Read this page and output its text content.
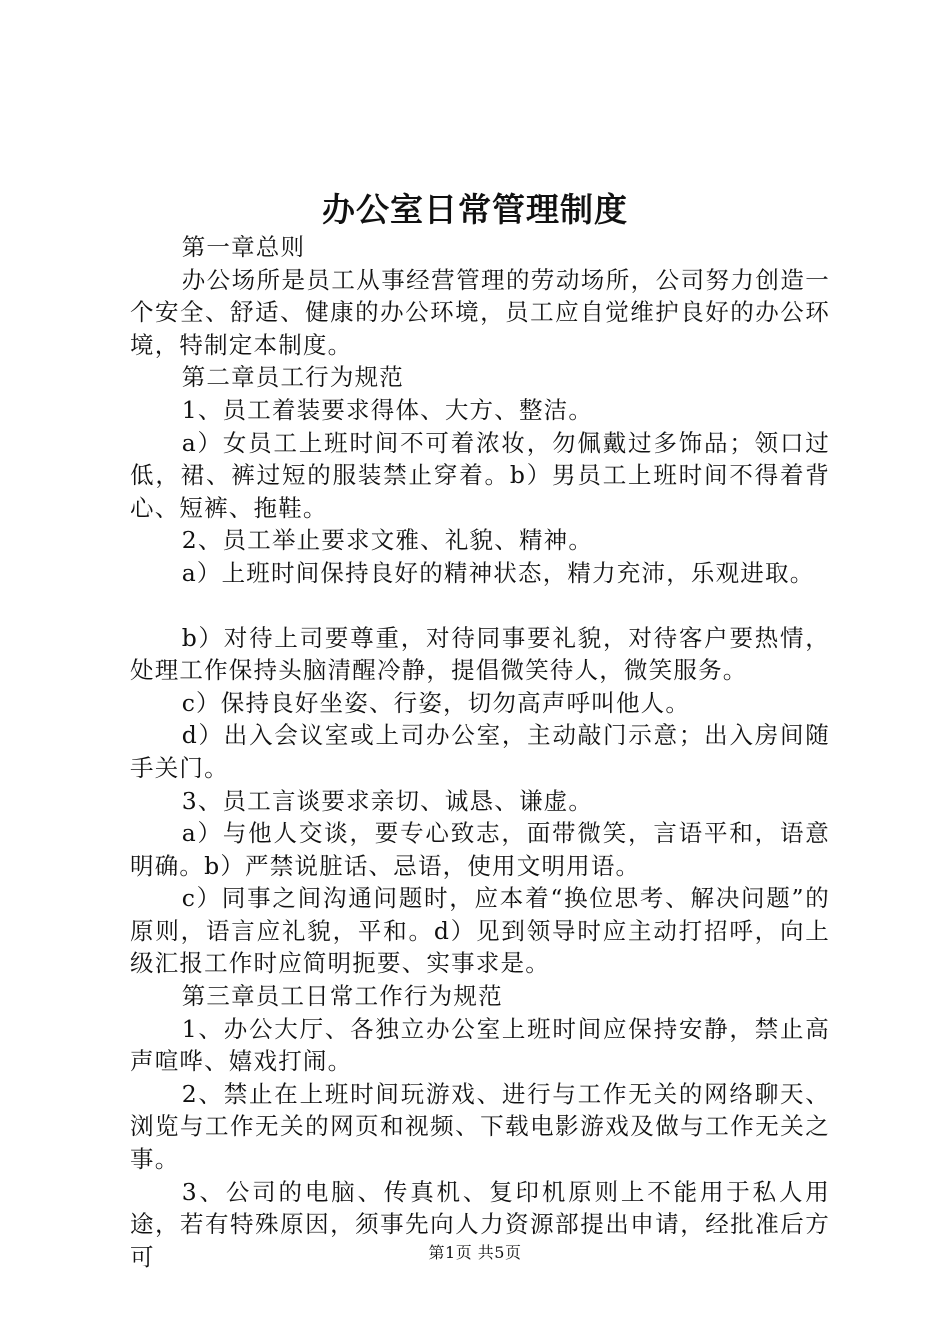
办公室日常管理制度

第一章总则

办公场所是员工从事经营管理的劳动场所，公司努力创造一个安全、舒适、健康的办公环境，员工应自觉维护良好的办公环境，特制定本制度。

第二章员工行为规范

1、员工着装要求得体、大方、整洁。

a）女员工上班时间不可着浓妆，勿佩戴过多饰品；领口过低，裙、裤过短的服装禁止穿着。b）男员工上班时间不得着背心、短裤、拖鞋。

2、员工举止要求文雅、礼貌、精神。

a）上班时间保持良好的精神状态，精力充沛，乐观进取。

b）对待上司要尊重，对待同事要礼貌，对待客户要热情，处理工作保持头脑清醒冷静，提倡微笑待人，微笑服务。

c）保持良好坐姿、行姿，切勿高声呼叫他人。

d）出入会议室或上司办公室，主动敲门示意；出入房间随手关门。

3、员工言谈要求亲切、诚恳、谦虚。

a）与他人交谈，要专心致志，面带微笑，言语平和，语意明确。b）严禁说脏话、忌语，使用文明用语。

c）同事之间沟通问题时，应本着“换位思考、解决问题”的原则，语言应礼貌，平和。d）见到领导时应主动打招呼，向上级汇报工作时应简明扼要、实事求是。

第三章员工日常工作行为规范

1、办公大厅、各独立办公室上班时间应保持安静，禁止高声喧哗、嬉戏打闹。

2、禁止在上班时间玩游戏、进行与工作无关的网络聊天、浏览与工作无关的网页和视频、下载电影游戏及做与工作无关之事。

3、公司的电脑、传真机、复印机原则上不能用于私人用途，若有特殊原因，须事先向人力资源部提出申请，经批准后方可	第1页 共5页
